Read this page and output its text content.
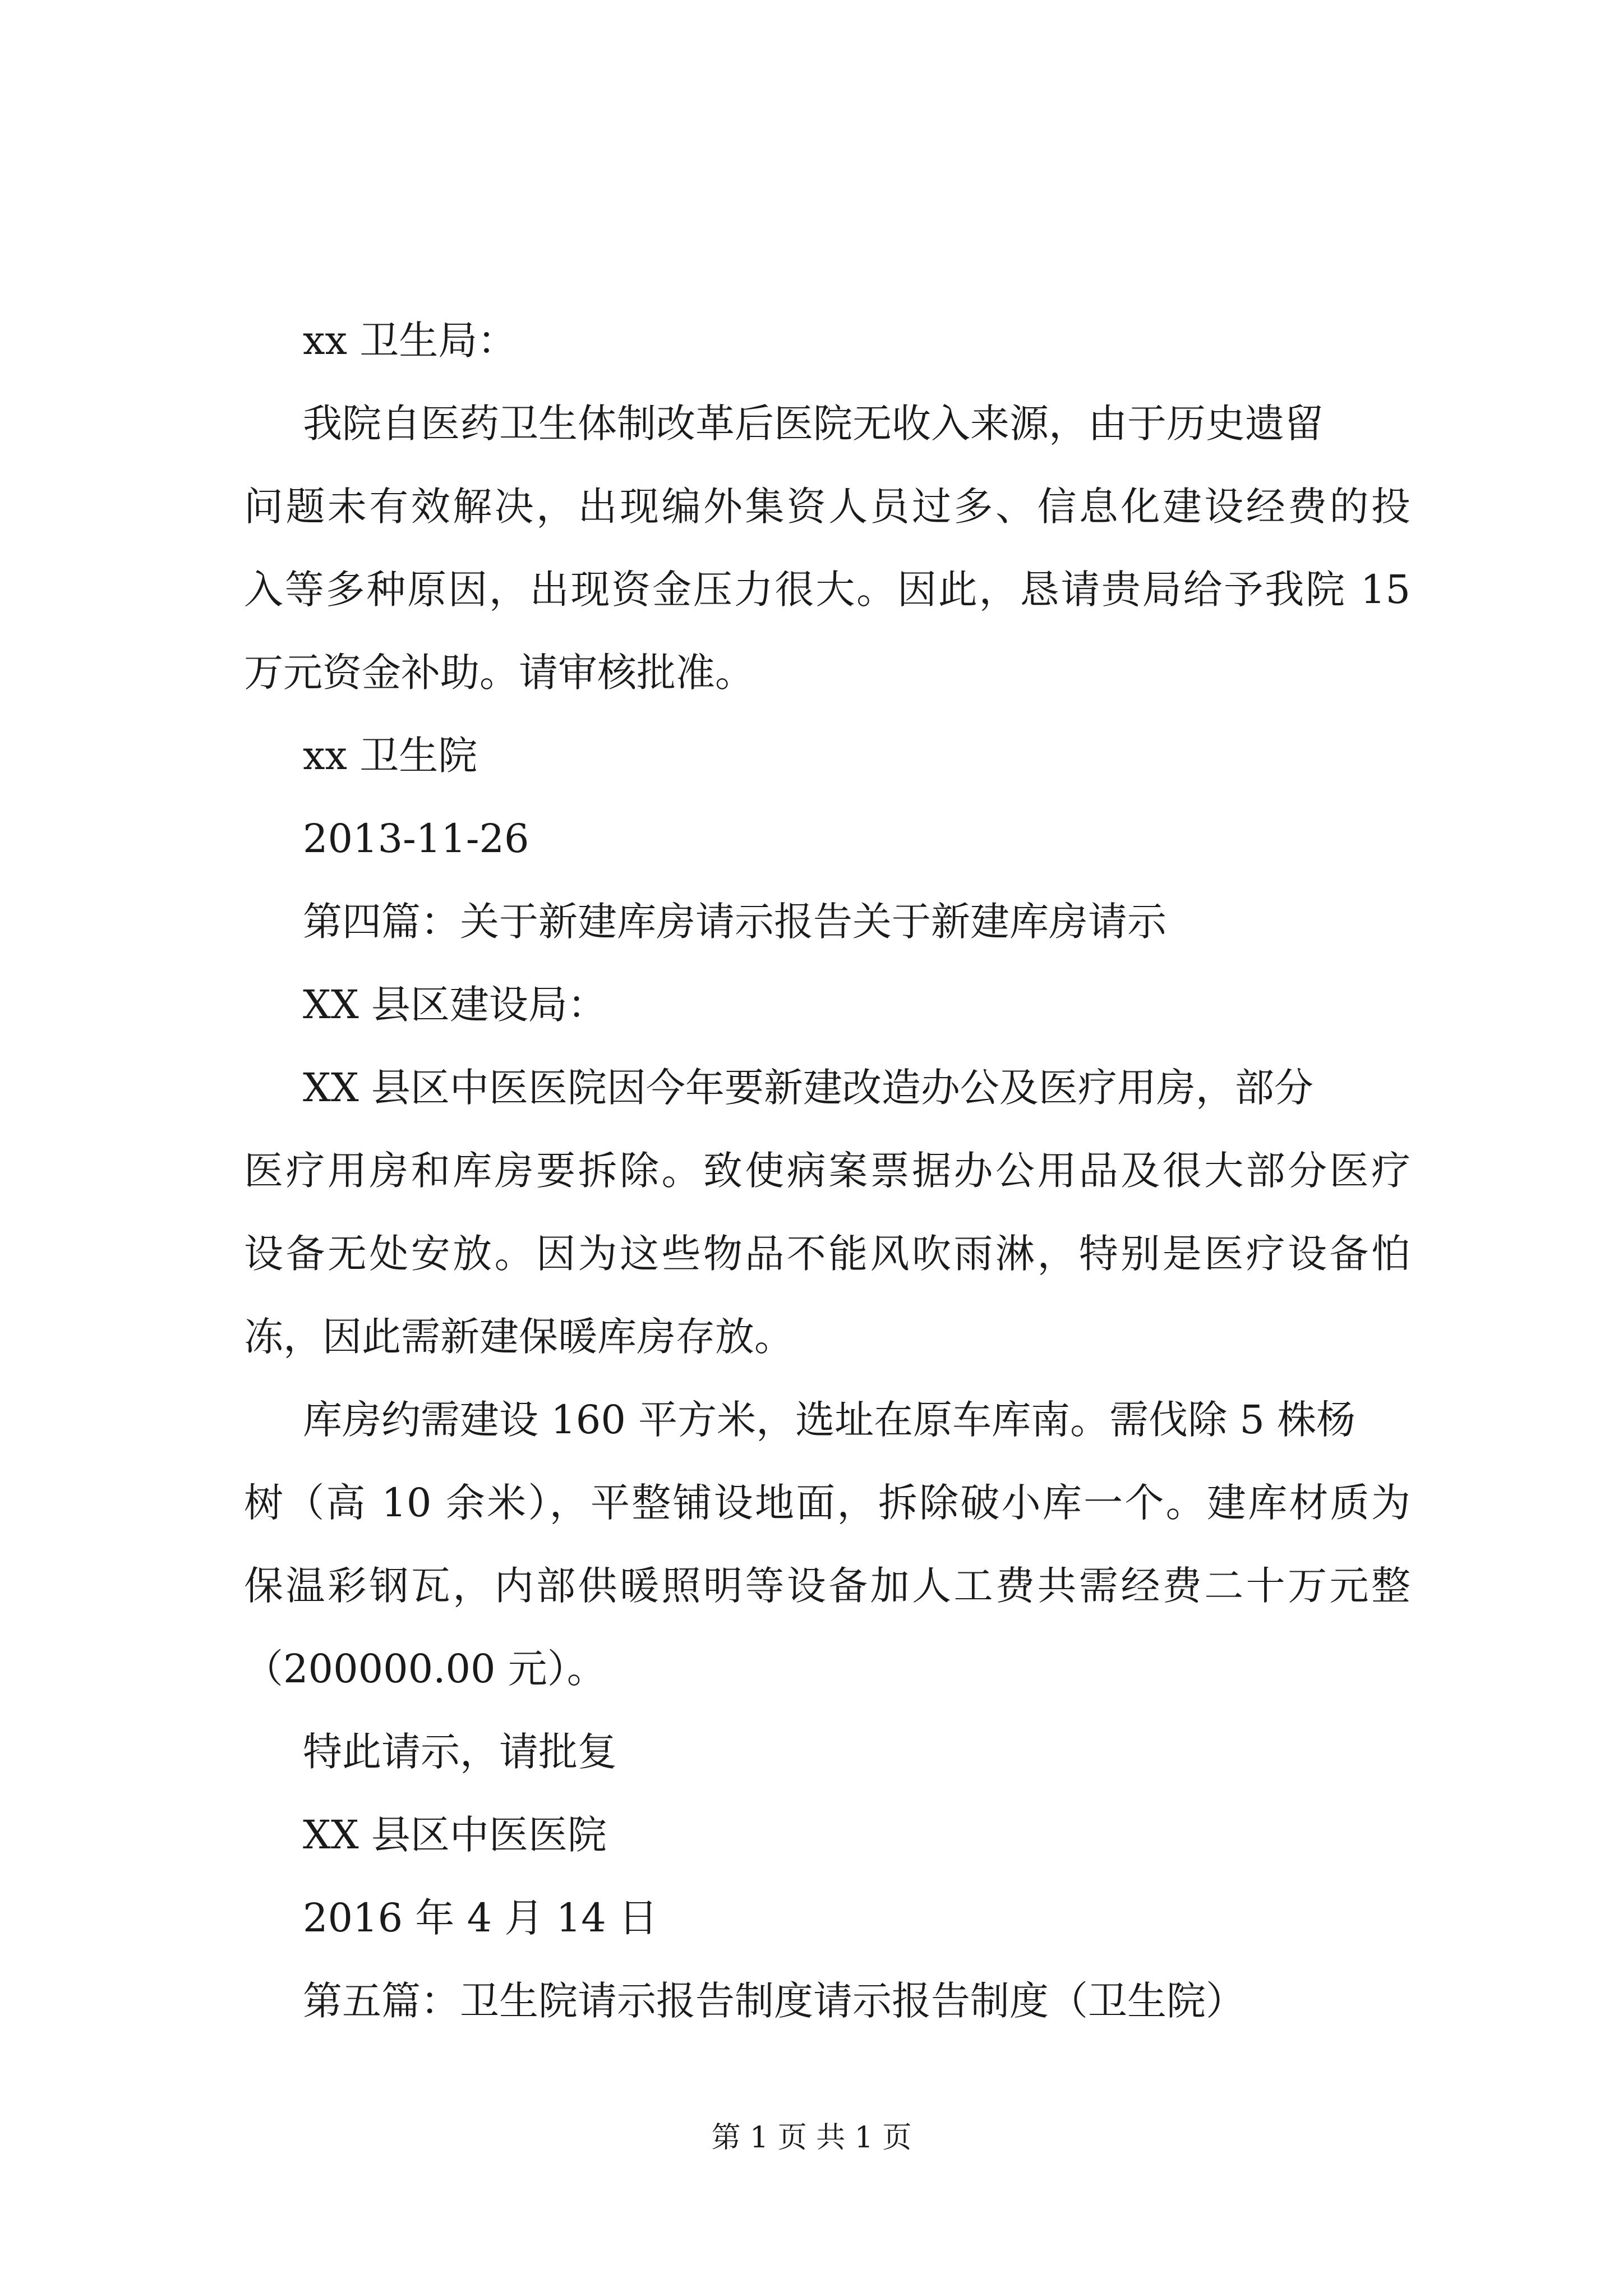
xx 卫生局：
我院自医药卫生体制改革后医院无收入来源，由于历史遗留
问题未有效解决，出现编外集资人员过多、信息化建设经费的投
入等多种原因，出现资金压力很大。因此，恳请贵局给予我院 15
万元资金补助。请审核批准。
xx 卫生院
2013-11-26
第四篇：关于新建库房请示报告关于新建库房请示
XX 县区建设局：
XX 县区中医医院因今年要新建改造办公及医疗用房，部分
医疗用房和库房要拆除。致使病案票据办公用品及很大部分医疗
设备无处安放。因为这些物品不能风吹雨淋，特别是医疗设备怕
冻，因此需新建保暖库房存放。
库房约需建设 160 平方米，选址在原车库南。需伐除 5 株杨
树（高 10 余米），平整铺设地面，拆除破小库一个。建库材质为
保温彩钢瓦，内部供暖照明等设备加人工费共需经费二十万元整
（200000.00 元）。
特此请示，请批复
XX 县区中医医院
2016 年 4 月 14 日
第五篇：卫生院请示报告制度请示报告制度（卫生院）
第 1 页 共 1 页
